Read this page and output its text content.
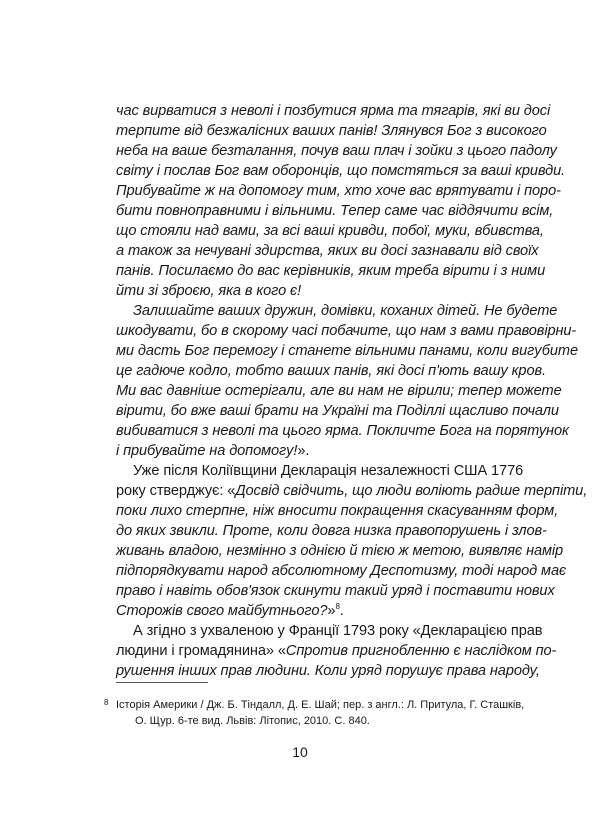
час вирватися з неволі і позбутися ярма та тягарів, які ви досі
терпите від безжалісних ваших панів! Злянувся Бог з високого
неба на ваше безталання, почув ваш плач і зойки з цього падолу
світу і послав Бог вам оборонців, що помстяться за ваші кривди.
Прибувайте ж на допомогу тим, хто хоче вас врятувати і поро-
бити повноправними і вільними. Тепер саме час віддячити всім,
що стояли над вами, за всі ваші кривди, побої, муки, вбивства,
а також за нечувані здирства, яких ви досі зазнавали від своїх
панів. Посилаємо до вас керівників, яким треба вірити і з ними
йти зі зброєю, яка в кого є!
Залишайте ваших дружин, домівки, коханих дітей. Не будете
шкодувати, бо в скорому часі побачите, що нам з вами правовірни-
ми дасть Бог перемогу і станете вільними панами, коли вигубите
це гадюче кодло, тобто ваших панів, які досі п'ють вашу кров.
Ми вас давніше остерігали, але ви нам не вірили; тепер можете
вірити, бо вже ваші брати на Україні та Поділлі щасливо почали
вибиватися з неволі та цього ярма. Покличте Бога на порятунок
і прибувайте на допомогу!».
Уже після Коліївщини Декларація незалежності США 1776
року стверджує: «Досвід свідчить, що люди воліють радше терпіти,
поки лихо стерпне, ніж вносити покращення скасуванням форм,
до яких звикли. Проте, коли довга низка правопорушень і злов-
живань владою, незмінно з однією й тією ж метою, виявляє намір
підпорядкувати народ абсолютному Деспотизму, тоді народ має
право і навіть обов'язок скинути такий уряд і поставити нових
Сторожів свого майбутнього?»$^8$.
А згідно з ухваленою у Франції 1793 року «Декларацією прав
людини і громадянина» «Спротив пригнобленню є наслідком по-
рушення інших прав людини. Коли уряд порушує права народу,
8 Історія Америки / Дж. Б. Тіндалл, Д. Е. Шай; пер. з англ.: Л. Притула, Г. Сташків,
О. Щур. 6-те вид. Львів: Літопис, 2010. С. 840.
10
